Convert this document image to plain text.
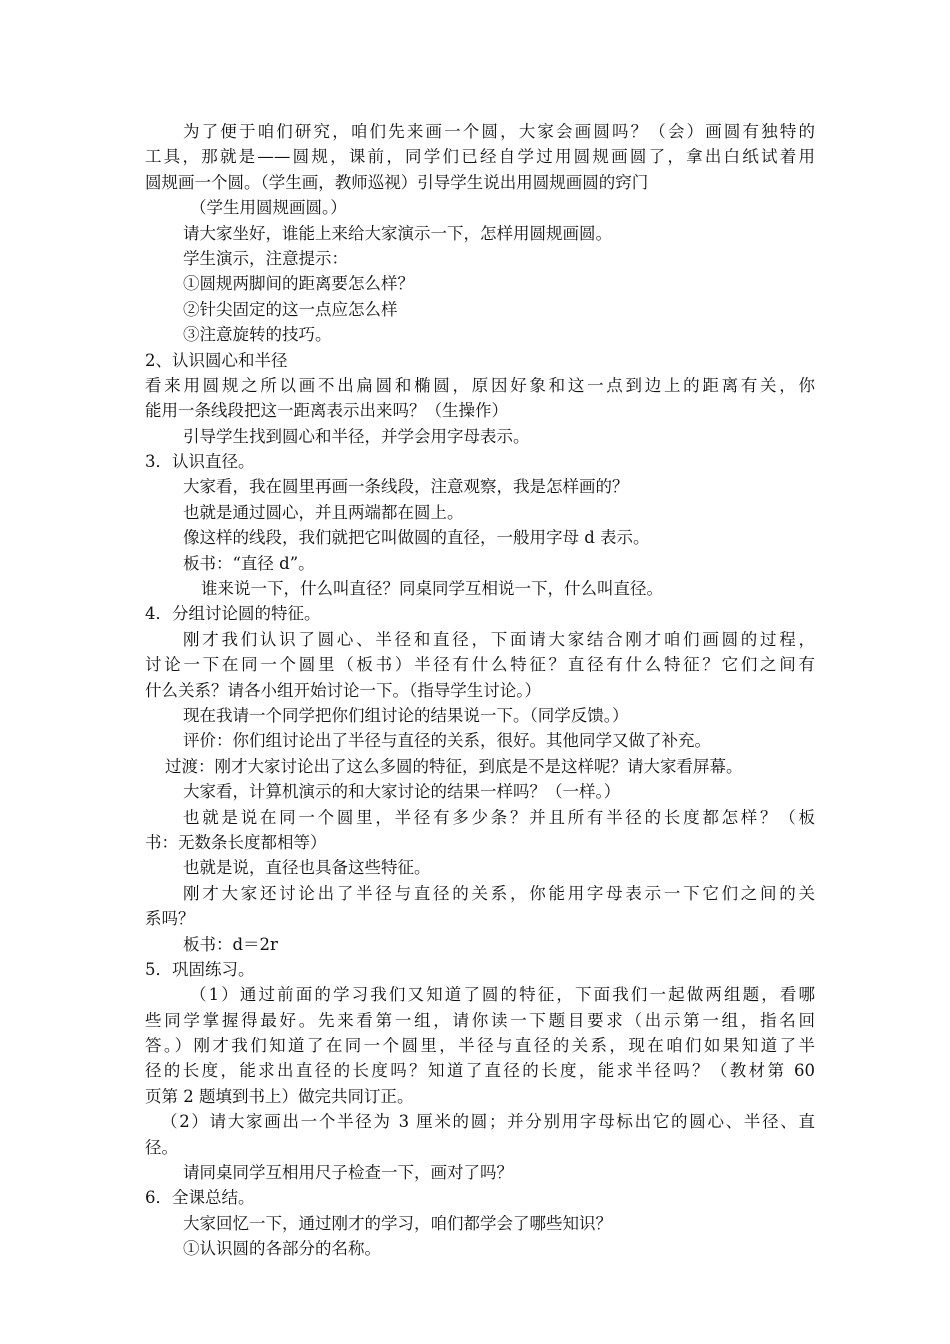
为了便于咱们研究，咱们先来画一个圆，大家会画圆吗？（会）画圆有独特的
工具，那就是——圆规，课前，同学们已经自学过用圆规画圆了，拿出白纸试着用
圆规画一个圆。（学生画，教师巡视）引导学生说出用圆规画圆的窍门
（学生用圆规画圆。）
请大家坐好，谁能上来给大家演示一下，怎样用圆规画圆。
学生演示，注意提示：
①圆规两脚间的距离要怎么样？
②针尖固定的这一点应怎么样
③注意旋转的技巧。
2、认识圆心和半径
看来用圆规之所以画不出扁圆和椭圆，原因好象和这一点到边上的距离有关，你
能用一条线段把这一距离表示出来吗？（生操作）
引导学生找到圆心和半径，并学会用字母表示。
3．认识直径。
大家看，我在圆里再画一条线段，注意观察，我是怎样画的？
也就是通过圆心，并且两端都在圆上。
像这样的线段，我们就把它叫做圆的直径，一般用字母 d 表示。
板书：“直径 d”。
谁来说一下，什么叫直径？同桌同学互相说一下，什么叫直径。
4．分组讨论圆的特征。
刚才我们认识了圆心、半径和直径，下面请大家结合刚才咱们画圆的过程，
讨论一下在同一个圆里（板书）半径有什么特征？直径有什么特征？它们之间有
什么关系？请各小组开始讨论一下。（指导学生讨论。）
现在我请一个同学把你们组讨论的结果说一下。（同学反馈。）
评价：你们组讨论出了半径与直径的关系，很好。其他同学又做了补充。
过渡：刚才大家讨论出了这么多圆的特征，到底是不是这样呢？请大家看屏幕。
大家看，计算机演示的和大家讨论的结果一样吗？（一样。）
也就是说在同一个圆里，半径有多少条？并且所有半径的长度都怎样？（板
书：无数条长度都相等）
也就是说，直径也具备这些特征。
刚才大家还讨论出了半径与直径的关系，你能用字母表示一下它们之间的关
系吗？
板书：d＝2r
5．巩固练习。
（1）通过前面的学习我们又知道了圆的特征，下面我们一起做两组题，看哪
些同学掌握得最好。先来看第一组，请你读一下题目要求（出示第一组，指名回
答。）刚才我们知道了在同一个圆里，半径与直径的关系，现在咱们如果知道了半
径的长度，能求出直径的长度吗？知道了直径的长度，能求半径吗？（教材第 60
页第 2 题填到书上）做完共同订正。
（2）请大家画出一个半径为 3 厘米的圆；并分别用字母标出它的圆心、半径、直
径。
请同桌同学互相用尺子检查一下，画对了吗？
6．全课总结。
大家回忆一下，通过刚才的学习，咱们都学会了哪些知识？
①认识圆的各部分的名称。
